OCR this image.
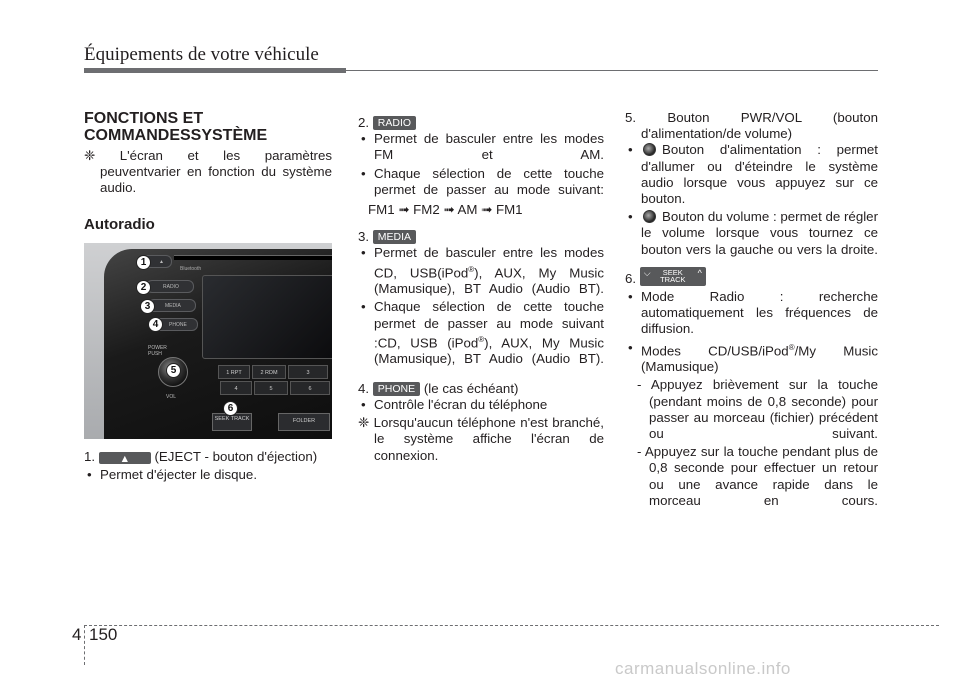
Équipements de votre véhicule

FONCTIONS ET
COMMANDESSYSTÈME

❈ L'écran et les paramètres peuventvarier en fonction du système audio.

Autoradio

Bluetooth
▲
RADIO
MEDIA
PHONE
POWER PUSH
VOL
1 RPT	2 RDM	3
4	5	6
SEEK TRACK	FOLDER
1
2
3
4
5
6

1. ▲ (EJECT - bouton d'éjection)

• Permet d'éjecter le disque.

2. RADIO

• Permet de basculer entre les modes FM et AM.

• Chaque sélection de cette touche permet de passer au mode suivant:

FM1 ➟ FM2 ➟ AM ➟ FM1

3. MEDIA

• Permet de basculer entre les modes CD, USB(iPod®), AUX, My Music (Mamusique), BT Audio (Audio BT).

• Chaque sélection de cette touche permet de passer au mode suivant :CD, USB (iPod®), AUX, My Music (Mamusique), BT Audio (Audio BT).

4. PHONE (le cas échéant)

• Contrôle l'écran du téléphone

❈ Lorsqu'aucun téléphone n'est branché, le système affiche l'écran de connexion.

5. Bouton PWR/VOL (bouton

d'alimentation/de volume)

• Bouton d'alimentation : permet d'allumer ou d'éteindre le système audio lorsque vous appuyez sur ce bouton.

• Bouton du volume : permet de régler le volume lorsque vous tournez ce bouton vers la gauche ou vers la droite.

6. ⌵ SEEK
TRACK
^

• Mode Radio : recherche automatiquement les fréquences de diffusion.

• Modes CD/USB/iPod®/My Music (Mamusique)

- Appuyez brièvement sur la touche (pendant moins de 0,8 seconde) pour passer au morceau (fichier) précédent ou suivant.

- Appuyez sur la touche pendant plus de 0,8 seconde pour effectuer un retour ou une avance rapide dans le morceau en cours.

4 150
carmanualsonline.info
